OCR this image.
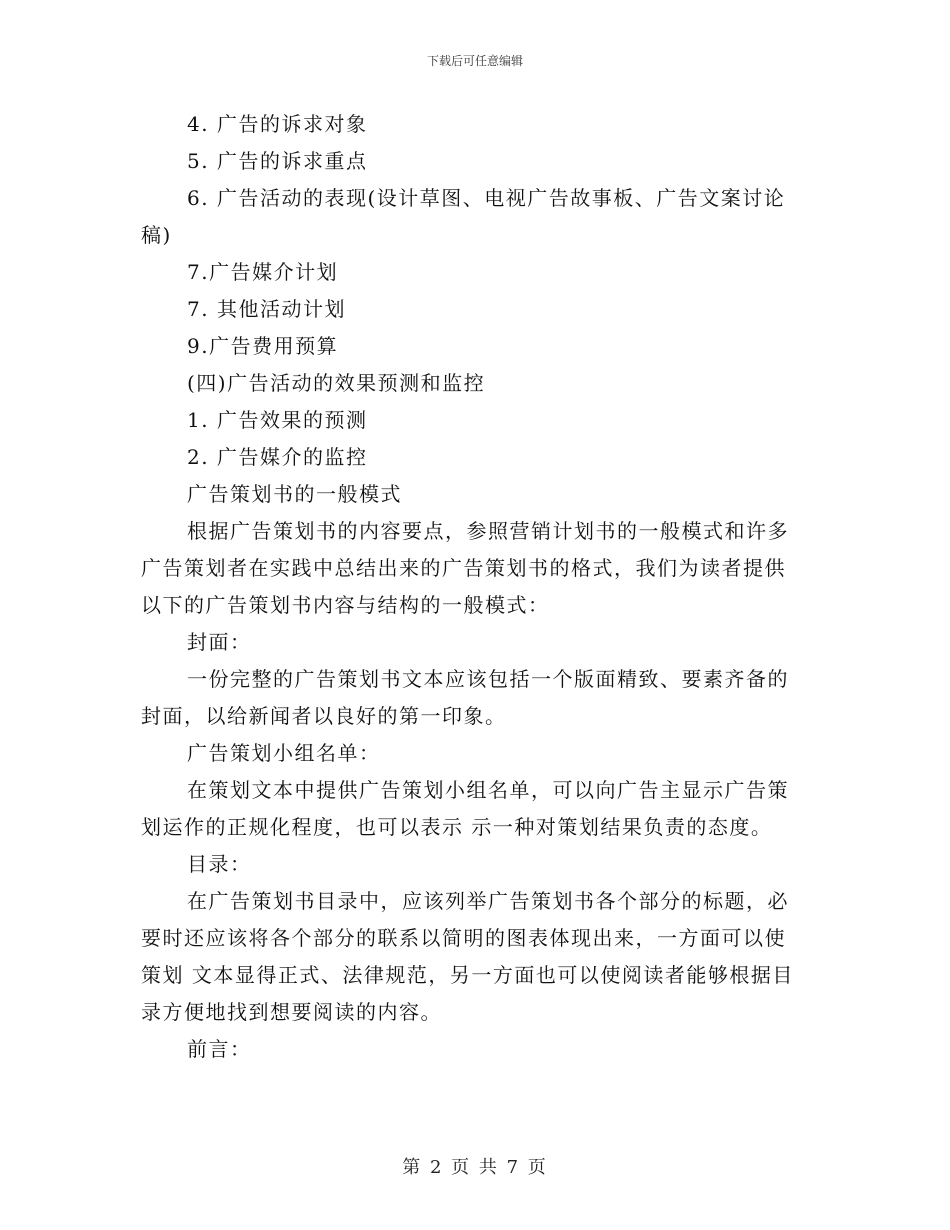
下载后可任意编辑
4. 广告的诉求对象
5. 广告的诉求重点
6. 广告活动的表现(设计草图、电视广告故事板、广告文案讨论
稿)
7.广告媒介计划
7. 其他活动计划
9.广告费用预算
(四)广告活动的效果预测和监控
1. 广告效果的预测
2. 广告媒介的监控
广告策划书的一般模式
根据广告策划书的内容要点，参照营销计划书的一般模式和许多
广告策划者在实践中总结出来的广告策划书的格式，我们为读者提供
以下的广告策划书内容与结构的一般模式：
封面：
一份完整的广告策划书文本应该包括一个版面精致、要素齐备的
封面，以给新闻者以良好的第一印象。
广告策划小组名单：
在策划文本中提供广告策划小组名单，可以向广告主显示广告策
划运作的正规化程度，也可以表示 示一种对策划结果负责的态度。
目录：
在广告策划书目录中，应该列举广告策划书各个部分的标题，必
要时还应该将各个部分的联系以简明的图表体现出来，一方面可以使
策划 文本显得正式、法律规范，另一方面也可以使阅读者能够根据目
录方便地找到想要阅读的内容。
前言：
第 2 页 共 7 页
